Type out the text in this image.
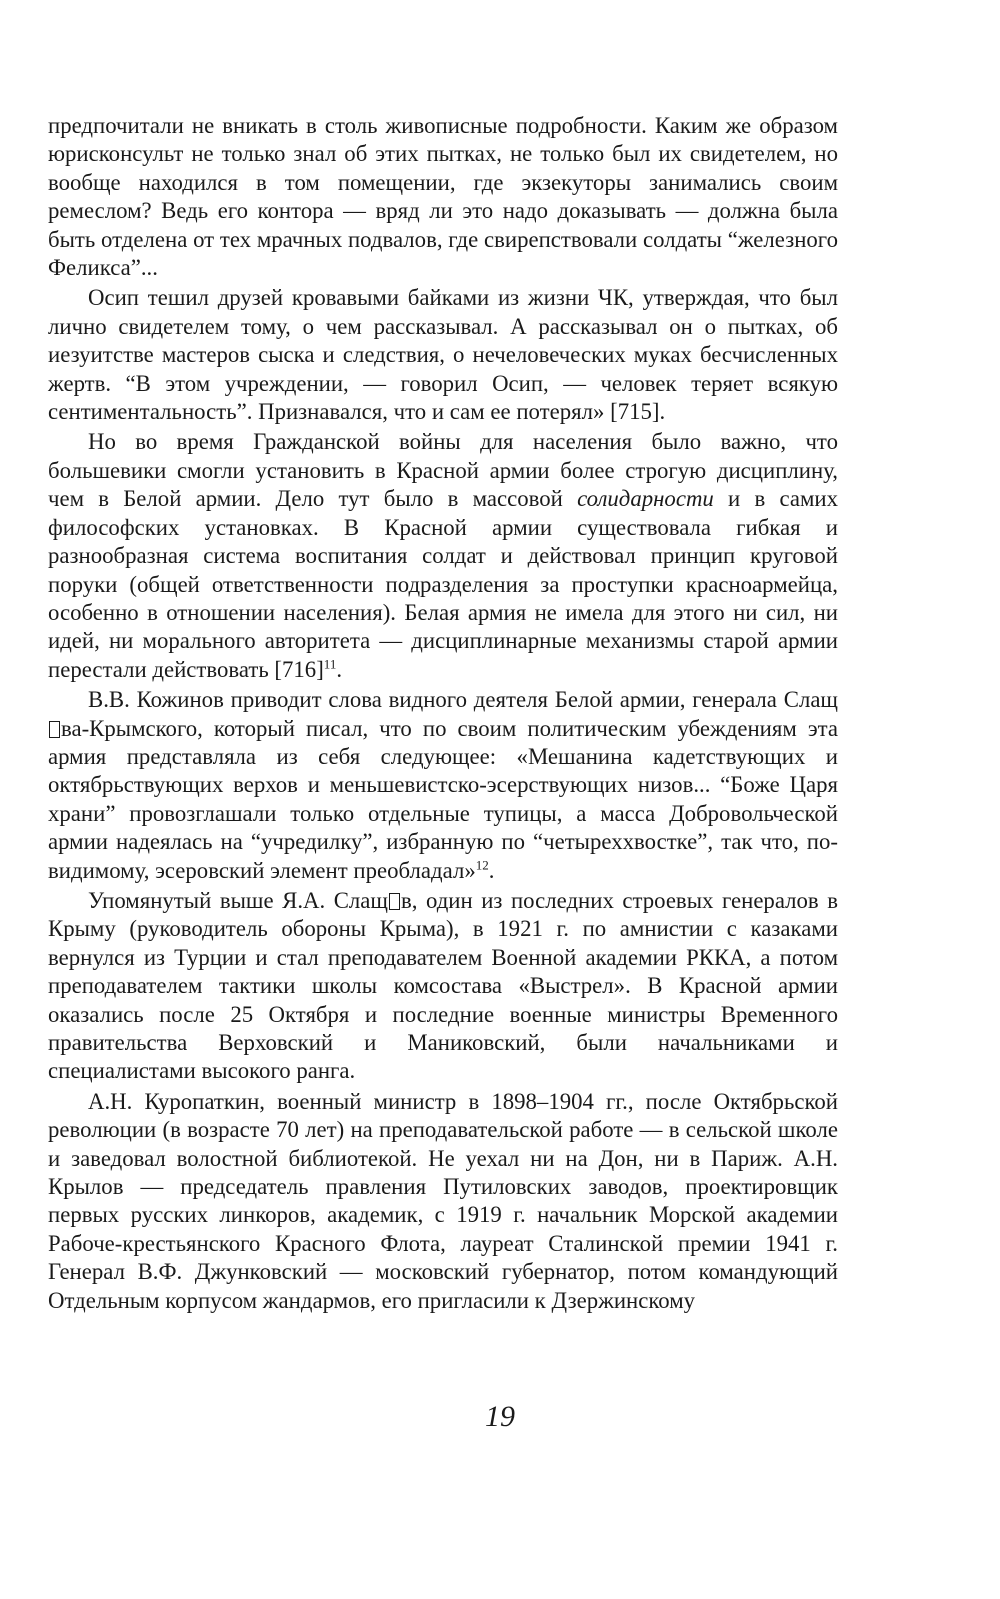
предпочитали не вникать в столь живописные подробности. Каким же образом юрисконсульт не только знал об этих пытках, не только был их свидетелем, но вообще находился в том помещении, где экзекуторы занимались своим ремеслом? Ведь его контора — вряд ли это надо доказывать — должна была быть отделена от тех мрачных подвалов, где свирепствовали солдаты “железного Феликса”...

Осип тешил друзей кровавыми байками из жизни ЧК, утверждая, что был лично свидетелем тому, о чем рассказывал. А рассказывал он о пытках, об иезуитстве мастеров сыска и следствия, о нечеловеческих муках бесчисленных жертв. “В этом учреждении, — говорил Осип, — человек теряет всякую сентиментальность”. Признавался, что и сам ее потерял» [715].

Но во время Гражданской войны для населения было важно, что большевики смогли установить в Красной армии более строгую дисциплину, чем в Белой армии. Дело тут было в массовой солидарности и в самих философских установках. В Красной армии существовала гибкая и разнообразная система воспитания солдат и действовал принцип круговой поруки (общей ответственности подразделения за проступки красноармейца, особенно в отношении населения). Белая армия не имела для этого ни сил, ни идей, ни морального авторитета — дисциплинарные механизмы старой армии перестали действовать [716]$^{11}$.

В.В. Кожинов приводит слова видного деятеля Белой армии, генерала Слащва-Крымского, который писал, что по своим политическим убеждениям эта армия представляла из себя следующее: «Мешанина кадетствующих и октябрьствующих верхов и меньшевистско-эсерствующих низов... “Боже Царя храни” провозглашали только отдельные тупицы, а масса Добровольческой армии надеялась на “учредилку”, избранную по “четыреххвостке”, так что, по-видимому, эсеровский элемент преобладал»$^{12}$.

Упомянутый выше Я.А. Слащ в, один из последних строевых генералов в Крыму (руководитель обороны Крыма), в 1921 г. по амнистии с казаками вернулся из Турции и стал преподавателем Военной академии РККА, а потом преподавателем тактики школы комсостава «Выстрел». В Красной армии оказались после 25 Октября и последние военные министры Временного правительства Верховский и Маниковский, были начальниками и специалистами высокого ранга.

А.Н. Куропаткин, военный министр в 1898–1904 гг., после Октябрьской революции (в возрасте 70 лет) на преподавательской работе — в сельской школе и заведовал волостной библиотекой. Не уехал ни на Дон, ни в Париж. А.Н. Крылов — председатель правления Путиловских заводов, проектировщик первых русских линкоров, академик, с 1919 г. начальник Морской академии Рабоче-крестьянского Красного Флота, лауреат Сталинской премии 1941 г. Генерал В.Ф. Джунковский — московский губернатор, потом командующий Отдельным корпусом жандармов, его пригласили к Дзержинскому

19
